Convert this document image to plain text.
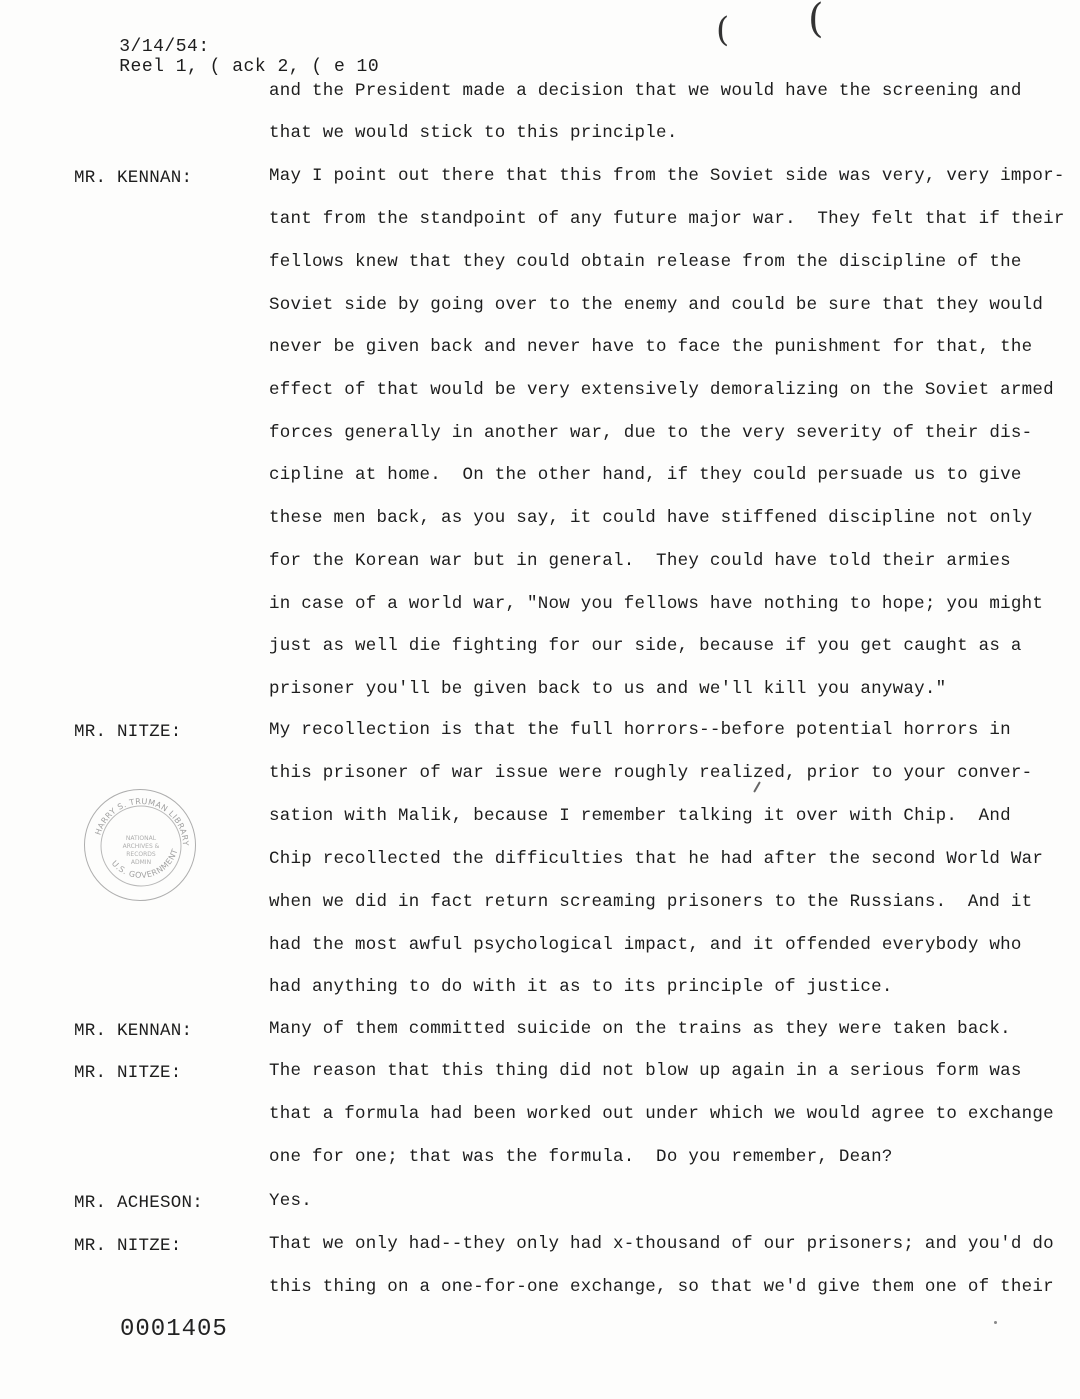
3/14/54:
Reel 1, ( ack 2, ( e 10

( (
MR. KENNAN:
MR. NITZE:
MR. KENNAN:
MR. NITZE:
MR. ACHESON:
MR. NITZE:
and the President made a decision that we would have the screening and
that we would stick to this principle.
May I point out there that this from the Soviet side was very, very impor-
tant from the standpoint of any future major war.  They felt that if their
fellows knew that they could obtain release from the discipline of the
Soviet side by going over to the enemy and could be sure that they would
never be given back and never have to face the punishment for that, the
effect of that would be very extensively demoralizing on the Soviet armed
forces generally in another war, due to the very severity of their dis-
cipline at home.  On the other hand, if they could persuade us to give
these men back, as you say, it could have stiffened discipline not only
for the Korean war but in general.  They could have told their armies
in case of a world war, "Now you fellows have nothing to hope; you might
just as well die fighting for our side, because if you get caught as a
prisoner you'll be given back to us and we'll kill you anyway."
My recollection is that the full horrors--before potential horrors in
this prisoner of war issue were roughly realized, prior to your conver-
sation with Malik, because I remember talking it over with Chip.  And
Chip recollected the difficulties that he had after the second World War
when we did in fact return screaming prisoners to the Russians.  And it
had the most awful psychological impact, and it offended everybody who
had anything to do with it as to its principle of justice.
Many of them committed suicide on the trains as they were taken back.
The reason that this thing did not blow up again in a serious form was
that a formula had been worked out under which we would agree to exchange
one for one; that was the formula.  Do you remember, Dean?
Yes.
That we only had--they only had x-thousand of our prisoners; and you'd do
this thing on a one-for-one exchange, so that we'd give them one of their
HARRY S. TRUMAN LIBRARY
U.S. GOVERNMENT
NATIONAL
ARCHIVES &
RECORDS
ADMIN
0001405
